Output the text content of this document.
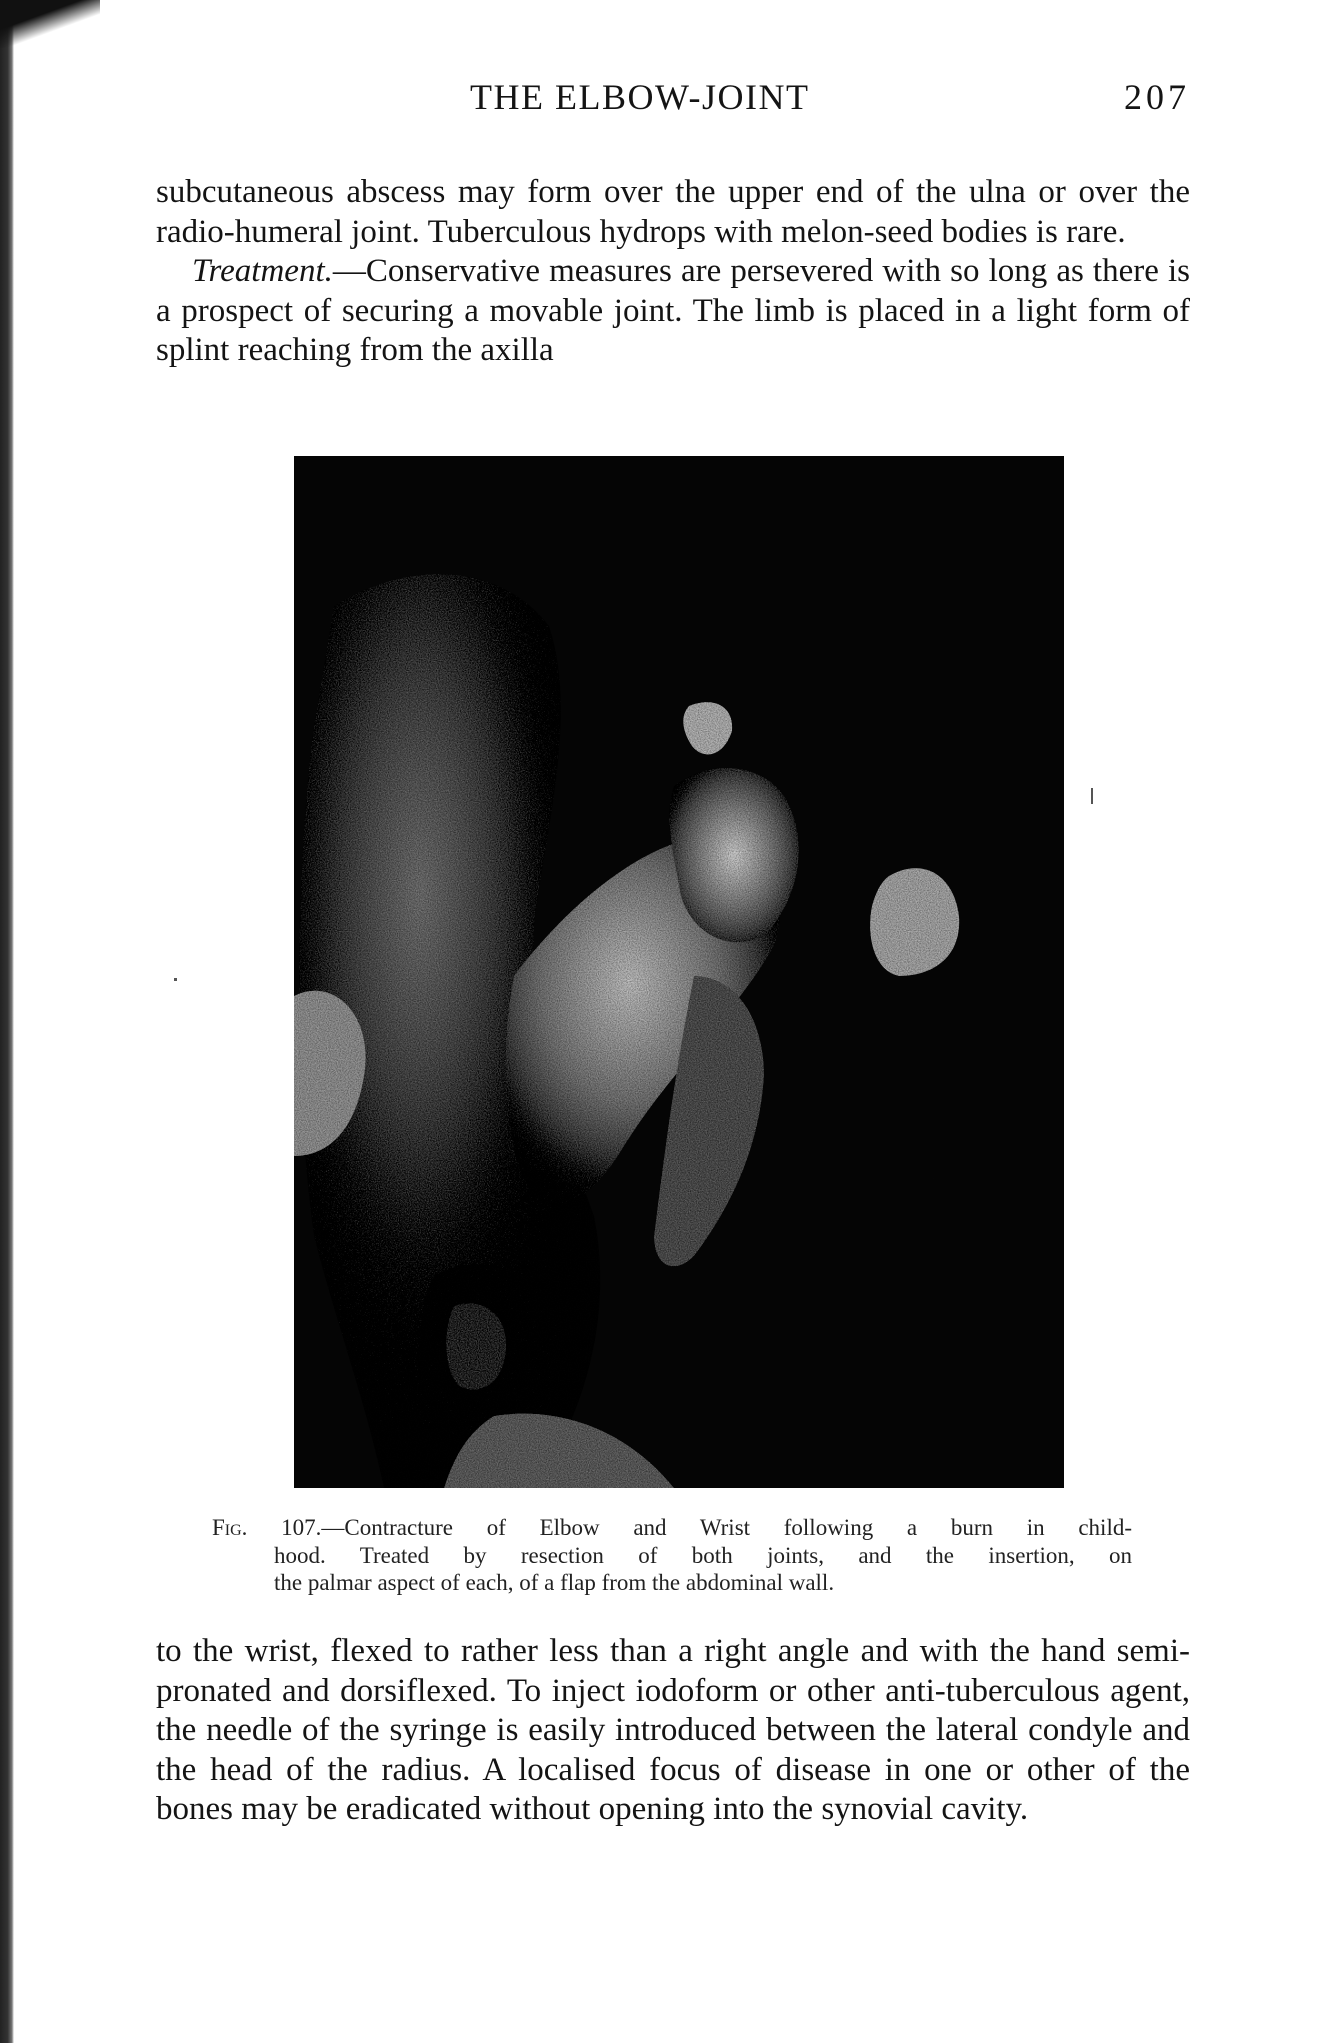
THE ELBOW-JOINT	207

subcutaneous abscess may form over the upper end of the ulna or over the radio-humeral joint. Tuberculous hydrops with melon-seed bodies is rare.

Treatment.—Conservative measures are persevered with so long as there is a prospect of securing a movable joint. The limb is placed in a light form of splint reaching from the axilla

Fig. 107.—Contracture of Elbow and Wrist following a burn in child-
hood. Treated by resection of both joints, and the insertion, on
the palmar aspect of each, of a flap from the abdominal wall.

to the wrist, flexed to rather less than a right angle and with the hand semi-pronated and dorsiflexed. To inject iodoform or other anti-tuberculous agent, the needle of the syringe is easily introduced between the lateral condyle and the head of the radius. A localised focus of disease in one or other of the bones may be eradicated without opening into the synovial cavity.
